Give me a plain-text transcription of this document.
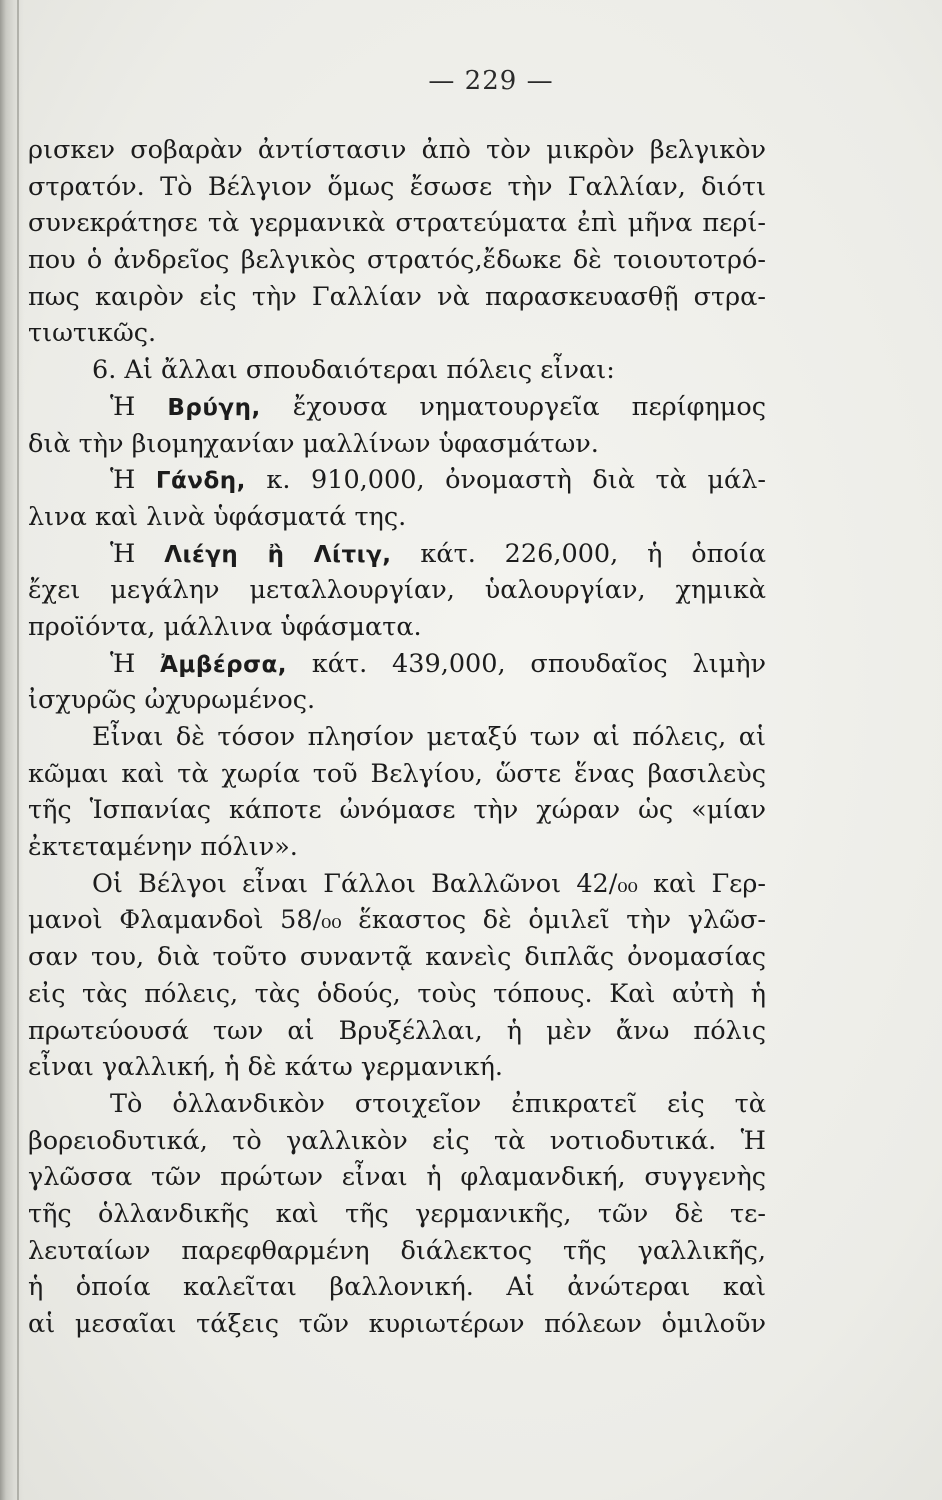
— 229 —
ρισκεν σοβαρὰν ἀντίστασιν ἀπὸ τὸν μικρὸν βελγικὸν
στρατόν. Τὸ Βέλγιον ὅμως ἔσωσε τὴν Γαλλίαν, διότι
συνεκράτησε τὰ γερμανικὰ στρατεύματα ἐπὶ μῆνα περί-
που ὁ ἀνδρεῖος βελγικὸς στρατός,ἔδωκε δὲ τοιουτοτρό-
πως καιρὸν εἰς τὴν Γαλλίαν νὰ παρασκευασθῇ στρα-
τιωτικῶς.
6. Αἱ ἄλλαι σπουδαιότεραι πόλεις εἶναι:
Ἡ Βρύγη, ἔχουσα νηματουργεῖα περίφημος
διὰ τὴν βιομηχανίαν μαλλίνων ὑφασμάτων.
Ἡ Γάνδη, κ. 910,000, ὀνομαστὴ διὰ τὰ μάλ-
λινα καὶ λινὰ ὑφάσματά της.
Ἡ Λιέγη ἢ Λίτιγ, κάτ. 226,000, ἡ ὁποία
ἔχει μεγάλην μεταλλουργίαν, ὑαλουργίαν, χημικὰ
προϊόντα, μάλλινα ὑφάσματα.
Ἡ Ἀμβέρσα, κάτ. 439,000, σπουδαῖος λιμὴν
ἰσχυρῶς ὠχυρωμένος.
Εἶναι δὲ τόσον πλησίον μεταξύ των αἱ πόλεις, αἱ
κῶμαι καὶ τὰ χωρία τοῦ Βελγίου, ὥστε ἕνας βασιλεὺς
τῆς Ἱσπανίας κάποτε ὠνόμασε τὴν χώραν ὡς «μίαν
ἐκτεταμένην πόλιν».
Οἱ Βέλγοι εἶναι Γάλλοι Βαλλῶνοι 42/₀₀ καὶ Γερ-
μανοὶ Φλαμανδοὶ 58/₀₀ ἕκαστος δὲ ὁμιλεῖ τὴν γλῶσ-
σαν του, διὰ τοῦτο συναντᾷ κανεὶς διπλᾶς ὀνομασίας
εἰς τὰς πόλεις, τὰς ὁδούς, τοὺς τόπους. Καὶ αὐτὴ ἡ
πρωτεύουσά των αἱ Βρυξέλλαι, ἡ μὲν ἄνω πόλις
εἶναι γαλλική, ἡ δὲ κάτω γερμανική.
Τὸ ὁλλανδικὸν στοιχεῖον ἐπικρατεῖ εἰς τὰ
βορειοδυτικά, τὸ γαλλικὸν εἰς τὰ νοτιοδυτικά. Ἡ
γλῶσσα τῶν πρώτων εἶναι ἡ φλαμανδική, συγγενὴς
τῆς ὁλλανδικῆς καὶ τῆς γερμανικῆς, τῶν δὲ τε-
λευταίων παρεφθαρμένη διάλεκτος τῆς γαλλικῆς,
ἡ ὁποία καλεῖται βαλλονική. Αἱ ἀνώτεραι καὶ
αἱ μεσαῖαι τάξεις τῶν κυριωτέρων πόλεων ὁμιλοῦν
